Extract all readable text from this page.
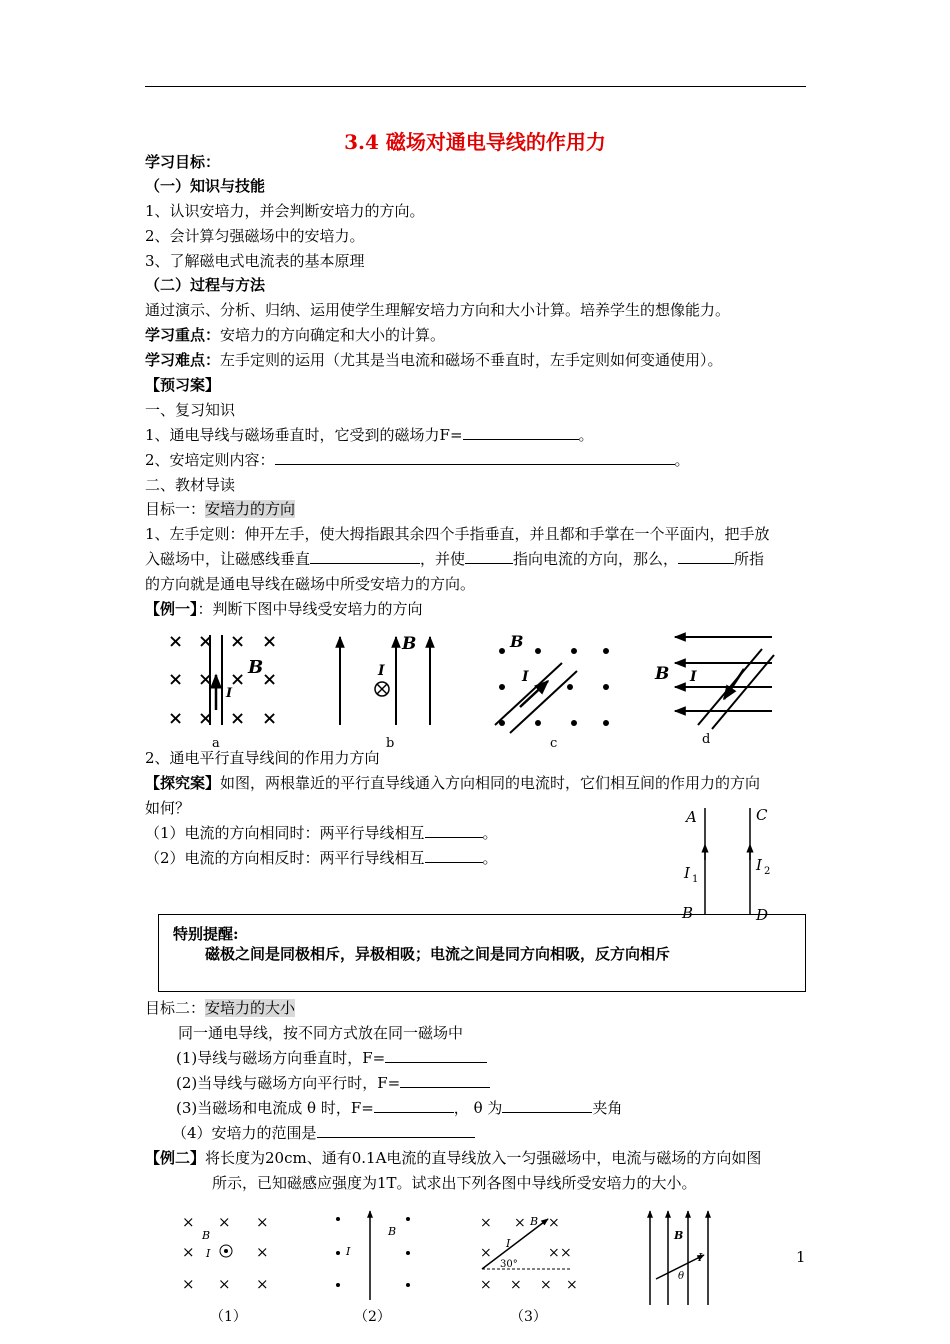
3.4 磁场对通电导线的作用力
学习目标：
（一）知识与技能
1、认识安培力，并会判断安培力的方向。
2、会计算匀强磁场中的安培力。
3、了解磁电式电流表的基本原理
（二）过程与方法
通过演示、分析、归纳、运用使学生理解安培力方向和大小计算。培养学生的想像能力。
学习重点：安培力的方向确定和大小的计算。
学习难点：左手定则的运用（尤其是当电流和磁场不垂直时，左手定则如何变通使用）。
【预习案】
一、复习知识
1、通电导线与磁场垂直时，它受到的磁场力F=	。
2、安培定则内容：	。
二、教材导读
目标一：安培力的方向
1、左手定则：伸开左手，使大拇指跟其余四个手指垂直，并且都和手掌在一个平面内，把手放
入磁场中，让磁感线垂直	，并使	指向电流的方向，那么，	所指
的方向就是通电导线在磁场中所受安培力的方向。
【例一】：判断下图中导线受安培力的方向
× × × ×
× × × ×
× × × ×
B
I
a
B
I
b
B
I
c
B I
d
2、通电平行直导线间的作用力方向
【探究案】如图，两根靠近的平行直导线通入方向相同的电流时，它们相互间的作用力的方向
如何？
（1）电流的方向相同时：两平行导线相互	。
（2）电流的方向相反时：两平行导线相互	。
A	C
I 1
I 2
B	D
特别提醒:
磁极之间是同极相斥，异极相吸；电流之间是同方向相吸，反方向相斥
目标二：安培力的大小
同一通电导线，按不同方式放在同一磁场中
(1)导线与磁场方向垂直时，F=
(2)当导线与磁场方向平行时，F=
(3)当磁场和电流成 θ 时，F=	， θ 为	夹角
（4）安培力的范围是
【例二】将长度为20cm、通有0.1A电流的直导线放入一匀强磁场中，电流与磁场的方向如图
所示，已知磁感应强度为1T。试求出下列各图中导线所受安培力的大小。
× × ×
×	×
× × ×
B
I
（1）
B
I
（2）
× × ×
×	× ×
× × × ×
B
I
30°
（3）
B
I
θ
1
